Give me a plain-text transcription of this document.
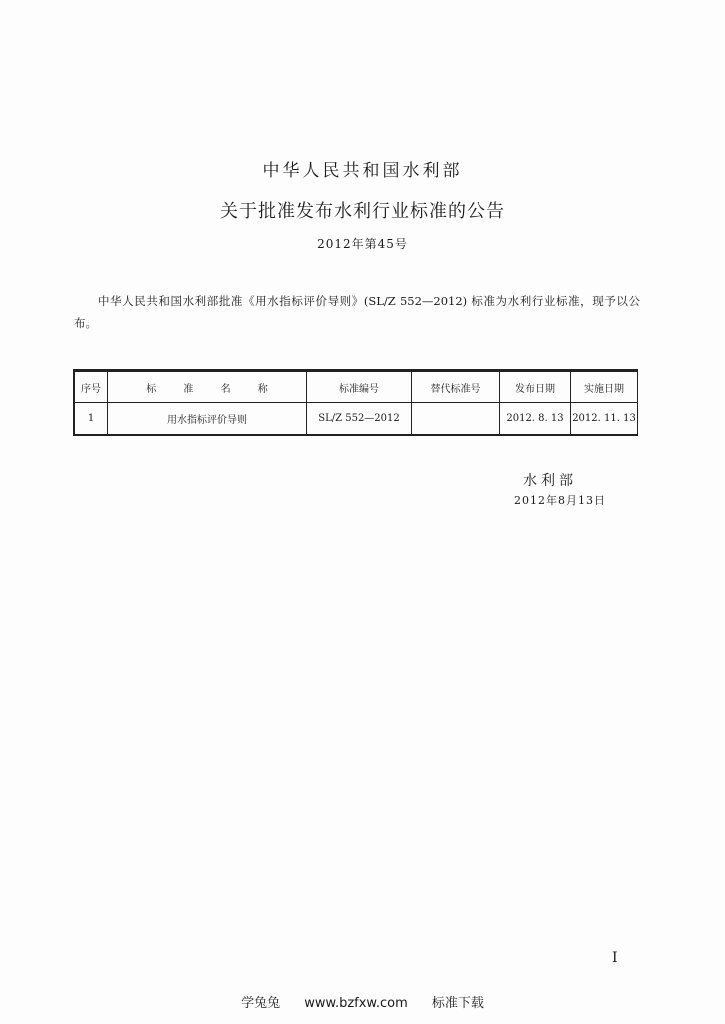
中华人民共和国水利部
关于批准发布水利行业标准的公告
2012年第45号
中华人民共和国水利部批准《用水指标评价导则》(SL/Z 552—2012) 标准为水利行业标准，现予以公布。
序号	标 准 名 称	标准编号	替代标准号	发布日期	实施日期
1	用水指标评价导则	SL/Z 552—2012		2012. 8. 13	2012. 11. 13
水利部
2012年8月13日
I
学兔兔 www.bzfxw.com 标准下载
